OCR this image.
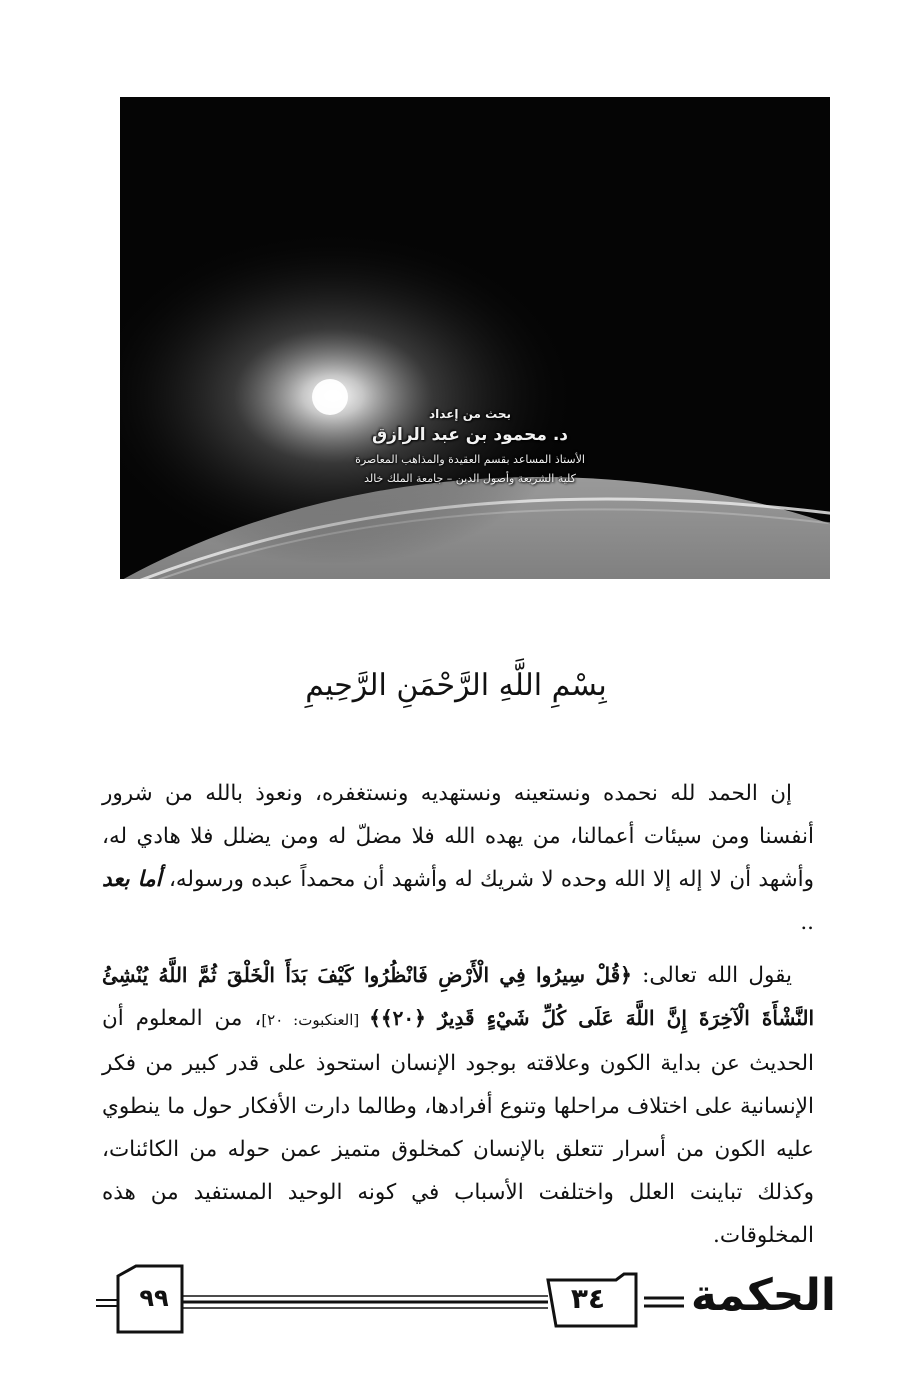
بحث من إعداد
د. محمود بن عبد الرازق
الأستاذ المساعد بقسم العقيدة والمذاهب المعاصرة
كلية الشريعة وأصول الدين – جامعة الملك خالد
بِسْمِ اللَّهِ الرَّحْمَنِ الرَّحِيمِ
إن الحمد لله نحمده ونستعينه ونستهديه ونستغفره، ونعوذ بالله من شرور أنفسنا ومن سيئات أعمالنا، من يهده الله فلا مضلّ له ومن يضلل فلا هادي له، وأشهد أن لا إله إلا الله وحده لا شريك له وأشهد أن محمداً عبده ورسوله، أما بعد ..
يقول الله تعالى: ﴿قُلْ سِيرُوا فِي الْأَرْضِ فَانْظُرُوا كَيْفَ بَدَأَ الْخَلْقَ ثُمَّ اللَّهُ يُنْشِئُ النَّشْأَةَ الْآخِرَةَ إِنَّ اللَّهَ عَلَى كُلِّ شَيْءٍ قَدِيرٌ ﴿٢٠﴾﴾ [العنكبوت: ٢٠]، من المعلوم أن الحديث عن بداية الكون وعلاقته بوجود الإنسان استحوذ على قدر كبير من فكر الإنسانية على اختلاف مراحلها وتنوع أفرادها، وطالما دارت الأفكار حول ما ينطوي عليه الكون من أسرار تتعلق بالإنسان كمخلوق متميز عمن حوله من الكائنات، وكذلك تباينت العلل واختلفت الأسباب في كونه الوحيد المستفيد من هذه المخلوقات.
٩٩	٣٤	الحكمة
